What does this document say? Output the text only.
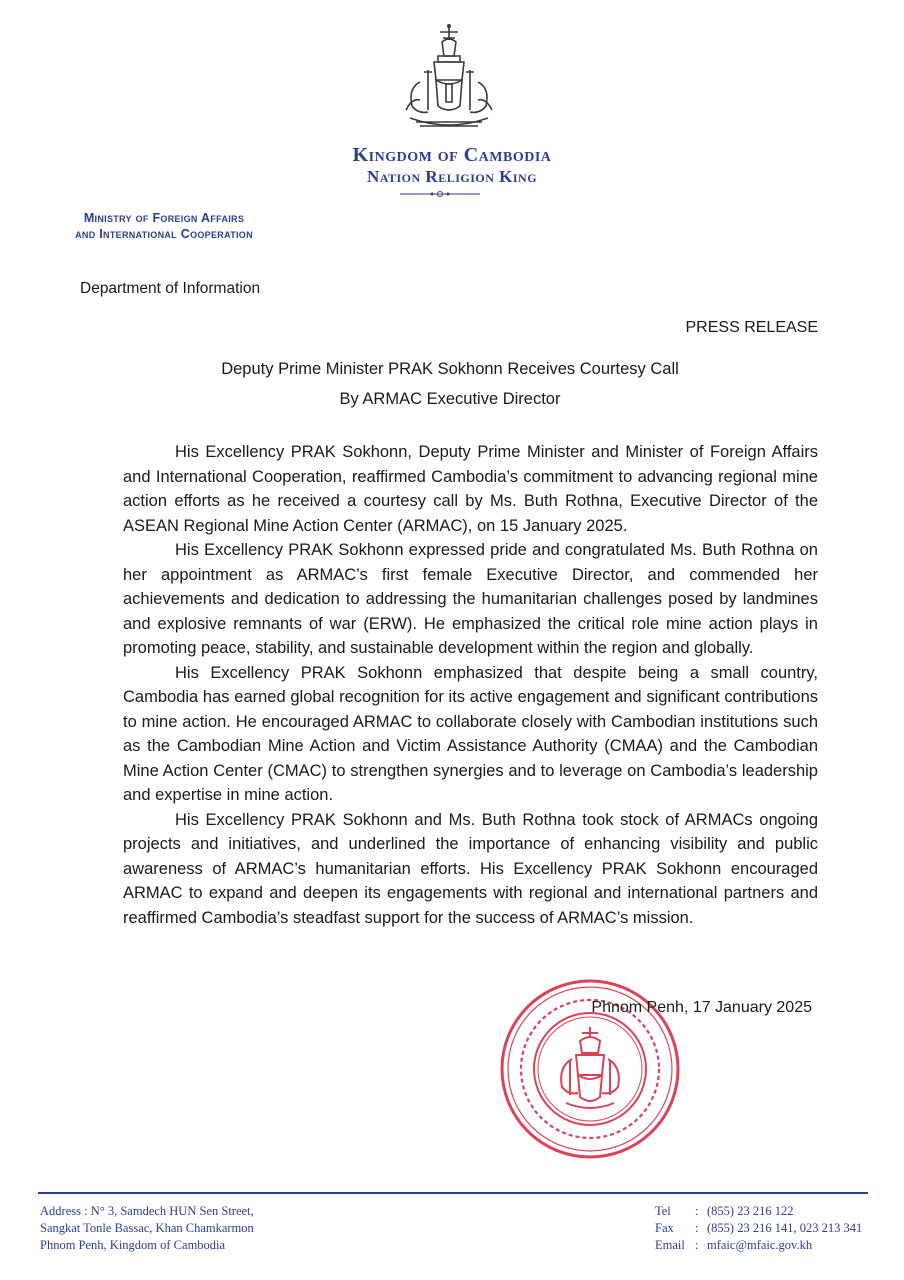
Kingdom of Cambodia
Nation Religion King
Ministry of Foreign Affairs
and International Cooperation
Department of Information
PRESS RELEASE
Deputy Prime Minister PRAK Sokhonn Receives Courtesy Call
By ARMAC Executive Director

His Excellency PRAK Sokhonn, Deputy Prime Minister and Minister of Foreign Affairs and International Cooperation, reaffirmed Cambodia’s commitment to advancing regional mine action efforts as he received a courtesy call by Ms. Buth Rothna, Executive Director of the ASEAN Regional Mine Action Center (ARMAC), on 15 January 2025.

His Excellency PRAK Sokhonn expressed pride and congratulated Ms. Buth Rothna on her appointment as ARMAC’s first female Executive Director, and commended her achievements and dedication to addressing the humanitarian challenges posed by landmines and explosive remnants of war (ERW). He emphasized the critical role mine action plays in promoting peace, stability, and sustainable development within the region and globally.

His Excellency PRAK Sokhonn emphasized that despite being a small country, Cambodia has earned global recognition for its active engagement and significant contributions to mine action. He encouraged ARMAC to collaborate closely with Cambodian institutions such as the Cambodian Mine Action and Victim Assistance Authority (CMAA) and the Cambodian Mine Action Center (CMAC) to strengthen synergies and to leverage on Cambodia’s leadership and expertise in mine action.

His Excellency PRAK Sokhonn and Ms. Buth Rothna took stock of ARMACs ongoing projects and initiatives, and underlined the importance of enhancing visibility and public awareness of ARMAC’s humanitarian efforts. His Excellency PRAK Sokhonn encouraged ARMAC to expand and deepen its engagements with regional and international partners and reaffirmed Cambodia’s steadfast support for the success of ARMAC’s mission.

Phnom Penh, 17 January 2025
Address : N° 3, Samdech HUN Sen Street,
Sangkat Tonle Bassac, Khan Chamkarmon
Phnom Penh, Kingdom of Cambodia
Tel	: (855) 23 216 122
Fax	: (855) 23 216 141, 023 213 341
Email : mfaic@mfaic.gov.kh
